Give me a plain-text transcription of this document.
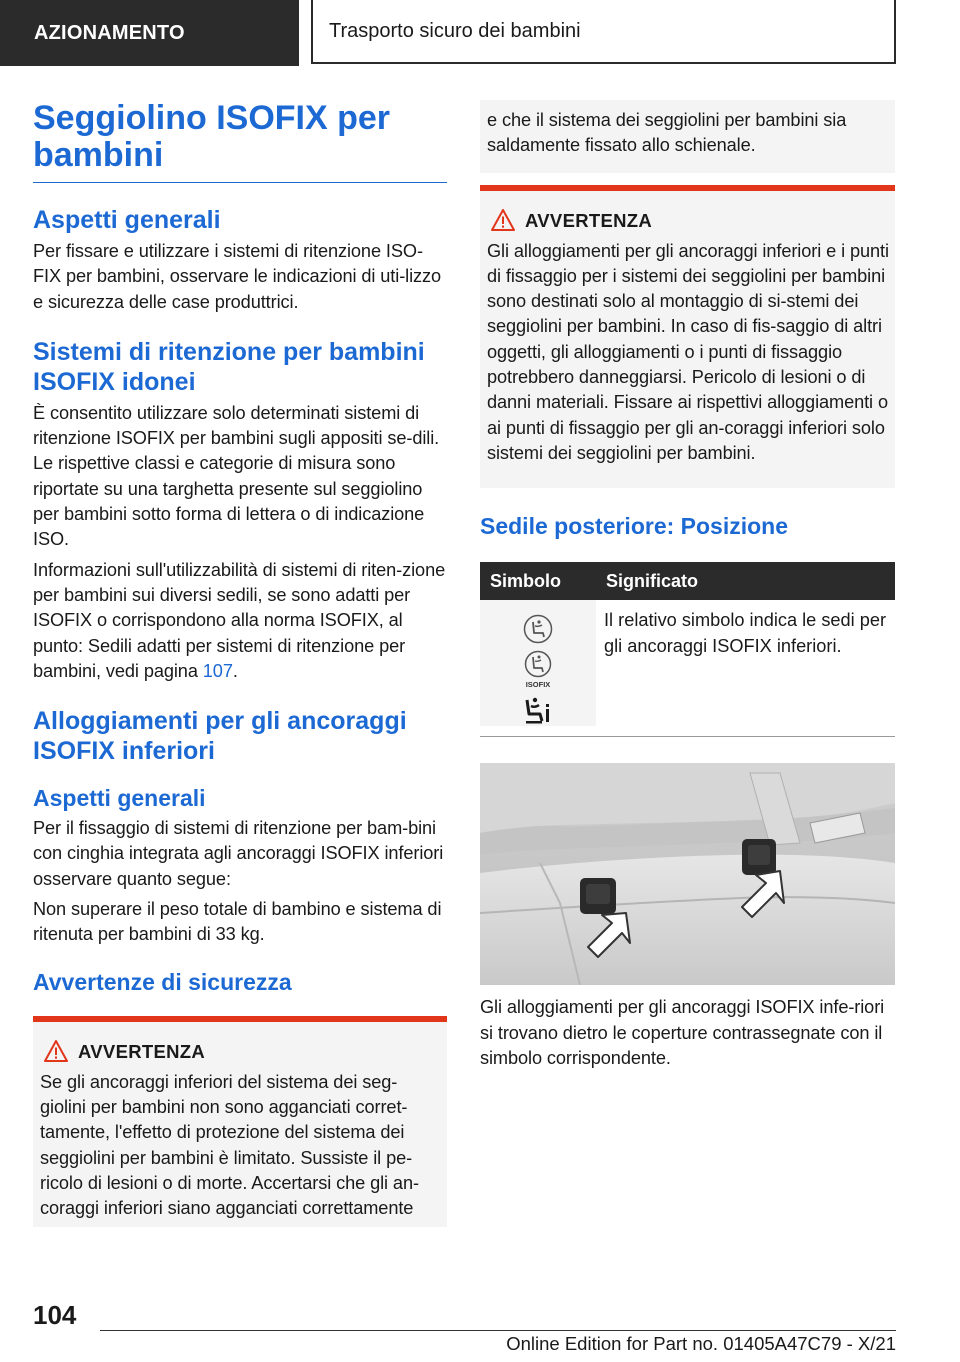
AZIONAMENTO	Trasporto sicuro dei bambini
Seggiolino ISOFIX per bambini
Aspetti generali
Per fissare e utilizzare i sistemi di ritenzione ISO‐FIX per bambini, osservare le indicazioni di uti‐lizzo e sicurezza delle case produttrici.
Sistemi di ritenzione per bambini ISOFIX idonei
È consentito utilizzare solo determinati sistemi di ritenzione ISOFIX per bambini sugli appositi se‐dili. Le rispettive classi e categorie di misura sono riportate su una targhetta presente sul seggiolino per bambini sotto forma di lettera o di indicazione ISO.
Informazioni sull'utilizzabilità di sistemi di riten‐zione per bambini sui diversi sedili, se sono adatti per ISOFIX o corrispondono alla norma ISOFIX, al punto: Sedili adatti per sistemi di ritenzione per bambini, vedi pagina 107.
Alloggiamenti per gli ancoraggi ISOFIX inferiori
Aspetti generali
Per il fissaggio di sistemi di ritenzione per bam‐bini con cinghia integrata agli ancoraggi ISOFIX inferiori osservare quanto segue:
Non superare il peso totale di bambino e sistema di ritenuta per bambini di 33 kg.
Avvertenze di sicurezza
AVVERTENZA
Se gli ancoraggi inferiori del sistema dei seg‐giolini per bambini non sono agganciati corret‐tamente, l'effetto di protezione del sistema dei seggiolini per bambini è limitato. Sussiste il pe‐ricolo di lesioni o di morte. Accertarsi che gli an‐coraggi inferiori siano agganciati correttamente
e che il sistema dei seggiolini per bambini sia saldamente fissato allo schienale.
AVVERTENZA
Gli alloggiamenti per gli ancoraggi inferiori e i punti di fissaggio per i sistemi dei seggiolini per bambini sono destinati solo al montaggio di si‐stemi dei seggiolini per bambini. In caso di fis‐saggio di altri oggetti, gli alloggiamenti o i punti di fissaggio potrebbero danneggiarsi. Pericolo di lesioni o di danni materiali. Fissare ai rispettivi alloggiamenti o ai punti di fissaggio per gli an‐coraggi inferiori solo sistemi dei seggiolini per bambini.
Sedile posteriore: Posizione
Simbolo	Significato

ISOFIX	Il relativo simbolo indica le sedi per gli ancoraggi ISOFIX inferiori.
Gli alloggiamenti per gli ancoraggi ISOFIX infe‐riori si trovano dietro le coperture contrassegnate con il simbolo corrispondente.
104
Online Edition for Part no. 01405A47C79 - X/21
